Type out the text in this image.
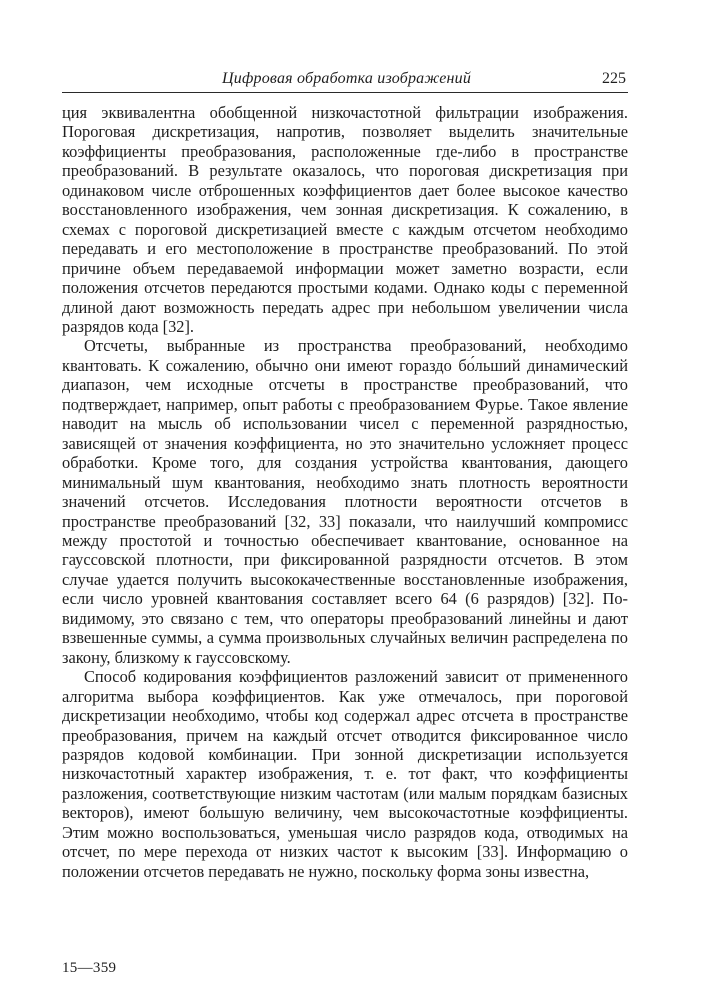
Цифровая обработка изображений	225

ция эквивалентна обобщенной низкочастотной фильтрации изображения. Пороговая дискретизация, напротив, позволяет выделить значительные коэффициенты преобразования, расположенные где-либо в пространстве преобразований. В результате оказалось, что пороговая дискретизация при одинаковом числе отброшенных коэффициентов дает более высокое качество восстановленного изображения, чем зонная дискретизация. К сожалению, в схемах с пороговой дискретизацией вместе с каждым отсчетом необходимо передавать и его местоположение в пространстве преобразований. По этой причине объем передаваемой информации может заметно возрасти, если положения отсчетов передаются простыми кодами. Однако коды с переменной длиной дают возможность передать адрес при небольшом увеличении числа разрядов кода [32].

Отсчеты, выбранные из пространства преобразований, необходимо квантовать. К сожалению, обычно они имеют гораздо бо́льший динамический диапазон, чем исходные отсчеты в пространстве преобразований, что подтверждает, например, опыт работы с преобразованием Фурье. Такое явление наводит на мысль об использовании чисел с переменной разрядностью, зависящей от значения коэффициента, но это значительно усложняет процесс обработки. Кроме того, для создания устройства квантования, дающего минимальный шум квантования, необходимо знать плотность вероятности значений отсчетов. Исследования плотности вероятности отсчетов в пространстве преобразований [32, 33] показали, что наилучший компромисс между простотой и точностью обеспечивает квантование, основанное на гауссовской плотности, при фиксированной разрядности отсчетов. В этом случае удается получить высококачественные восстановленные изображения, если число уровней квантования составляет всего 64 (6 разрядов) [32]. По-видимому, это связано с тем, что операторы преобразований линейны и дают взвешенные суммы, а сумма произвольных случайных величин распределена по закону, близкому к гауссовскому.

Способ кодирования коэффициентов разложений зависит от примененного алгоритма выбора коэффициентов. Как уже отмечалось, при пороговой дискретизации необходимо, чтобы код содержал адрес отсчета в пространстве преобразования, причем на каждый отсчет отводится фиксированное число разрядов кодовой комбинации. При зонной дискретизации используется низкочастотный характер изображения, т. е. тот факт, что коэффициенты разложения, соответствующие низким частотам (или малым порядкам базисных векторов), имеют большую величину, чем высокочастотные коэффициенты. Этим можно воспользоваться, уменьшая число разрядов кода, отводимых на отсчет, по мере перехода от низких частот к высоким [33]. Информацию о положении отсчетов передавать не нужно, поскольку форма зоны известна,

15—359
